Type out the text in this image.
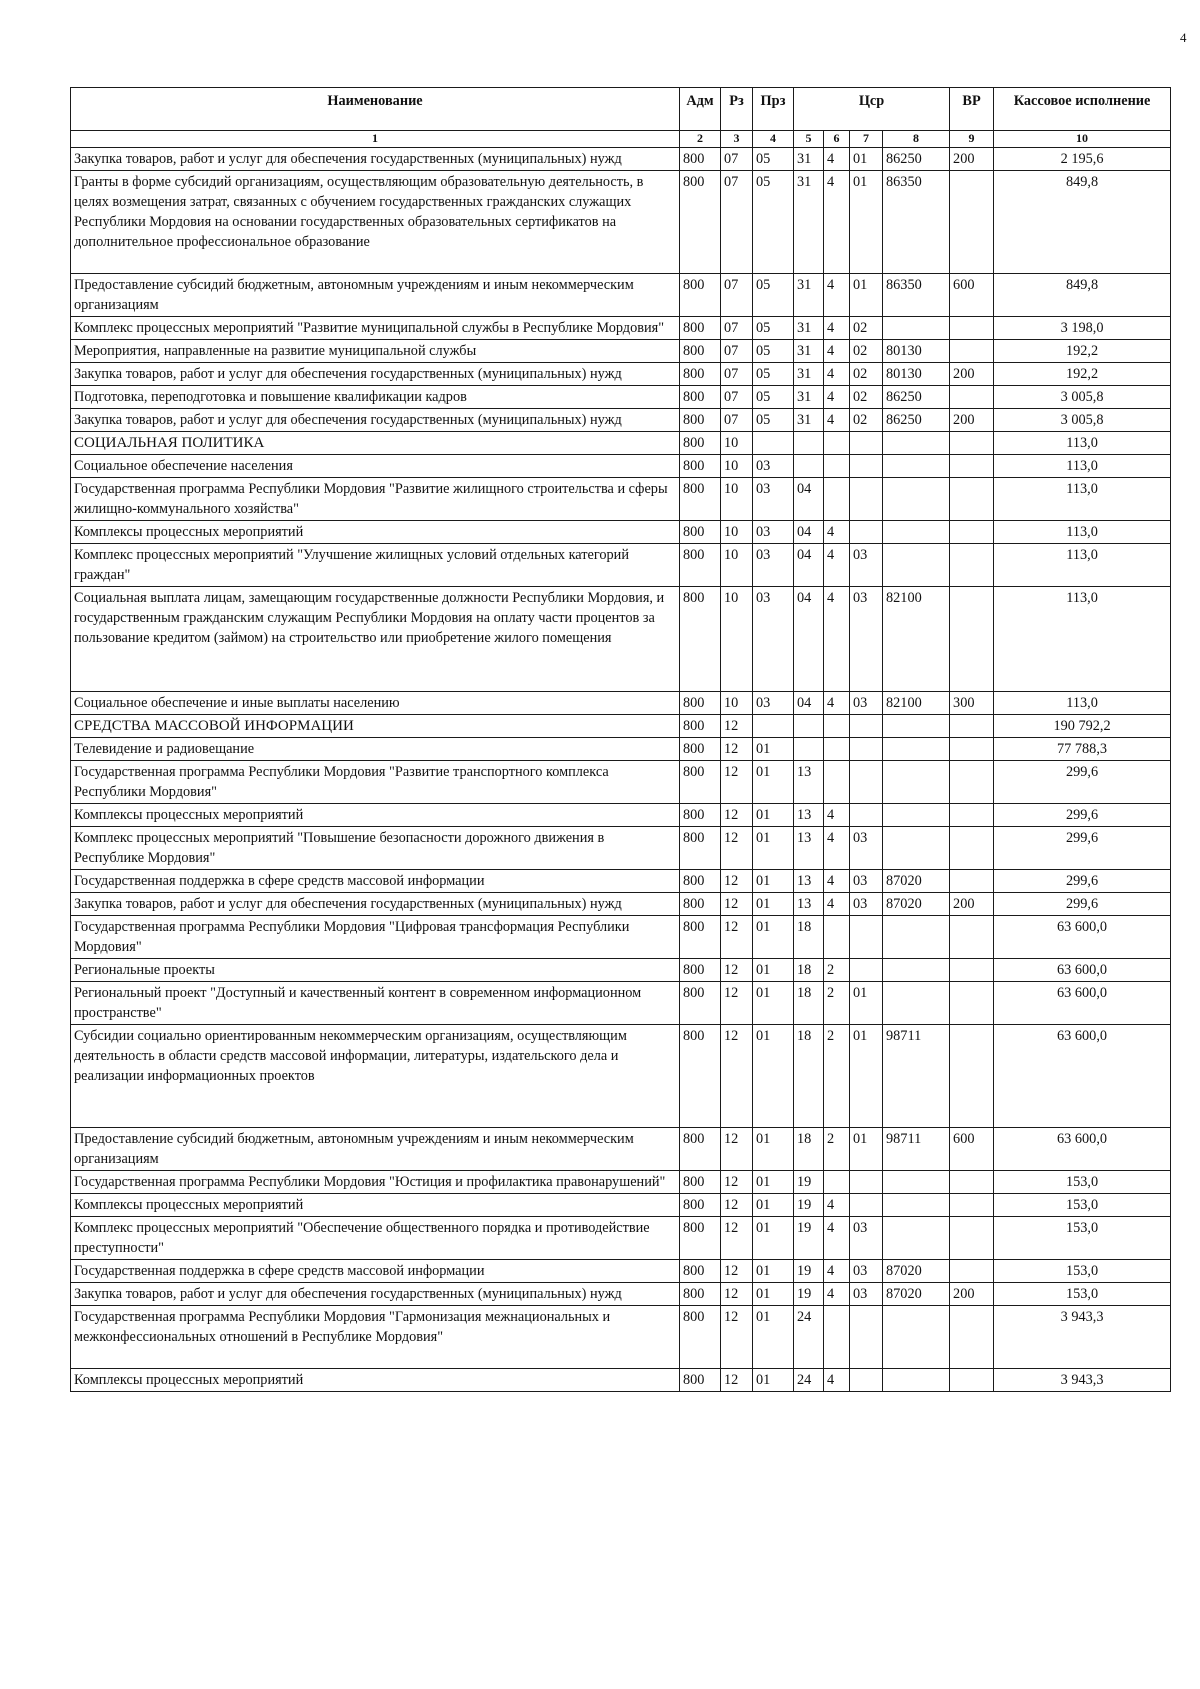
4
Наименование	Адм	Рз	Прз	Цср				ВР	Кассовое исполнение
1	2	3	4	5	6	7	8	9	10
Закупка товаров, работ и услуг для обеспечения государственных (муниципальных) нужд	800	07	05	31	4	01	86250	200	2 195,6
Гранты в форме субсидий организациям, осуществляющим образовательную деятельность, в целях возмещения затрат, связанных с обучением государственных гражданских служащих Республики Мордовия на основании государственных образовательных сертификатов на дополнительное профессиональное образование	800	07	05	31	4	01	86350		849,8
Предоставление субсидий бюджетным, автономным учреждениям и иным некоммерческим организациям	800	07	05	31	4	01	86350	600	849,8
Комплекс процессных мероприятий "Развитие муниципальной службы в Республике Мордовия"	800	07	05	31	4	02			3 198,0
Мероприятия, направленные на развитие муниципальной службы	800	07	05	31	4	02	80130		192,2
Закупка товаров, работ и услуг для обеспечения государственных (муниципальных) нужд	800	07	05	31	4	02	80130	200	192,2
Подготовка, переподготовка и повышение квалификации кадров	800	07	05	31	4	02	86250		3 005,8
Закупка товаров, работ и услуг для обеспечения государственных (муниципальных) нужд	800	07	05	31	4	02	86250	200	3 005,8
СОЦИАЛЬНАЯ ПОЛИТИКА	800	10							113,0
Социальное обеспечение населения	800	10	03						113,0
Государственная программа Республики Мордовия "Развитие жилищного строительства и сферы жилищно-коммунального хозяйства"	800	10	03	04					113,0
Комплексы процессных мероприятий	800	10	03	04	4				113,0
Комплекс процессных мероприятий "Улучшение жилищных условий отдельных категорий граждан"	800	10	03	04	4	03			113,0
Социальная выплата лицам, замещающим государственные должности Республики Мордовия, и государственным гражданским служащим Республики Мордовия на оплату части процентов за пользование кредитом (займом) на строительство или приобретение жилого помещения	800	10	03	04	4	03	82100		113,0
Социальное обеспечение и иные выплаты населению	800	10	03	04	4	03	82100	300	113,0
СРЕДСТВА МАССОВОЙ ИНФОРМАЦИИ	800	12							190 792,2
Телевидение и радиовещание	800	12	01						77 788,3
Государственная программа Республики Мордовия "Развитие транспортного комплекса Республики Мордовия"	800	12	01	13					299,6
Комплексы процессных мероприятий	800	12	01	13	4				299,6
Комплекс процессных мероприятий "Повышение безопасности дорожного движения в Республике Мордовия"	800	12	01	13	4	03			299,6
Государственная поддержка в сфере средств массовой информации	800	12	01	13	4	03	87020		299,6
Закупка товаров, работ и услуг для обеспечения государственных (муниципальных) нужд	800	12	01	13	4	03	87020	200	299,6
Государственная программа Республики Мордовия "Цифровая трансформация Республики Мордовия"	800	12	01	18					63 600,0
Региональные проекты	800	12	01	18	2				63 600,0
Региональный проект "Доступный и качественный контент в современном информационном пространстве"	800	12	01	18	2	01			63 600,0
Субсидии социально ориентированным некоммерческим организациям, осуществляющим деятельность в области средств массовой информации, литературы, издательского дела и реализации информационных проектов	800	12	01	18	2	01	98711		63 600,0
Предоставление субсидий бюджетным, автономным учреждениям и иным некоммерческим организациям	800	12	01	18	2	01	98711	600	63 600,0
Государственная программа Республики Мордовия "Юстиция и профилактика правонарушений"	800	12	01	19					153,0
Комплексы процессных мероприятий	800	12	01	19	4				153,0
Комплекс процессных мероприятий "Обеспечение общественного порядка и противодействие преступности"	800	12	01	19	4	03			153,0
Государственная поддержка в сфере средств массовой информации	800	12	01	19	4	03	87020		153,0
Закупка товаров, работ и услуг для обеспечения государственных (муниципальных) нужд	800	12	01	19	4	03	87020	200	153,0
Государственная программа Республики Мордовия "Гармонизация межнациональных и межконфессиональных отношений в Республике Мордовия"	800	12	01	24					3 943,3
Комплексы процессных мероприятий	800	12	01	24	4				3 943,3
